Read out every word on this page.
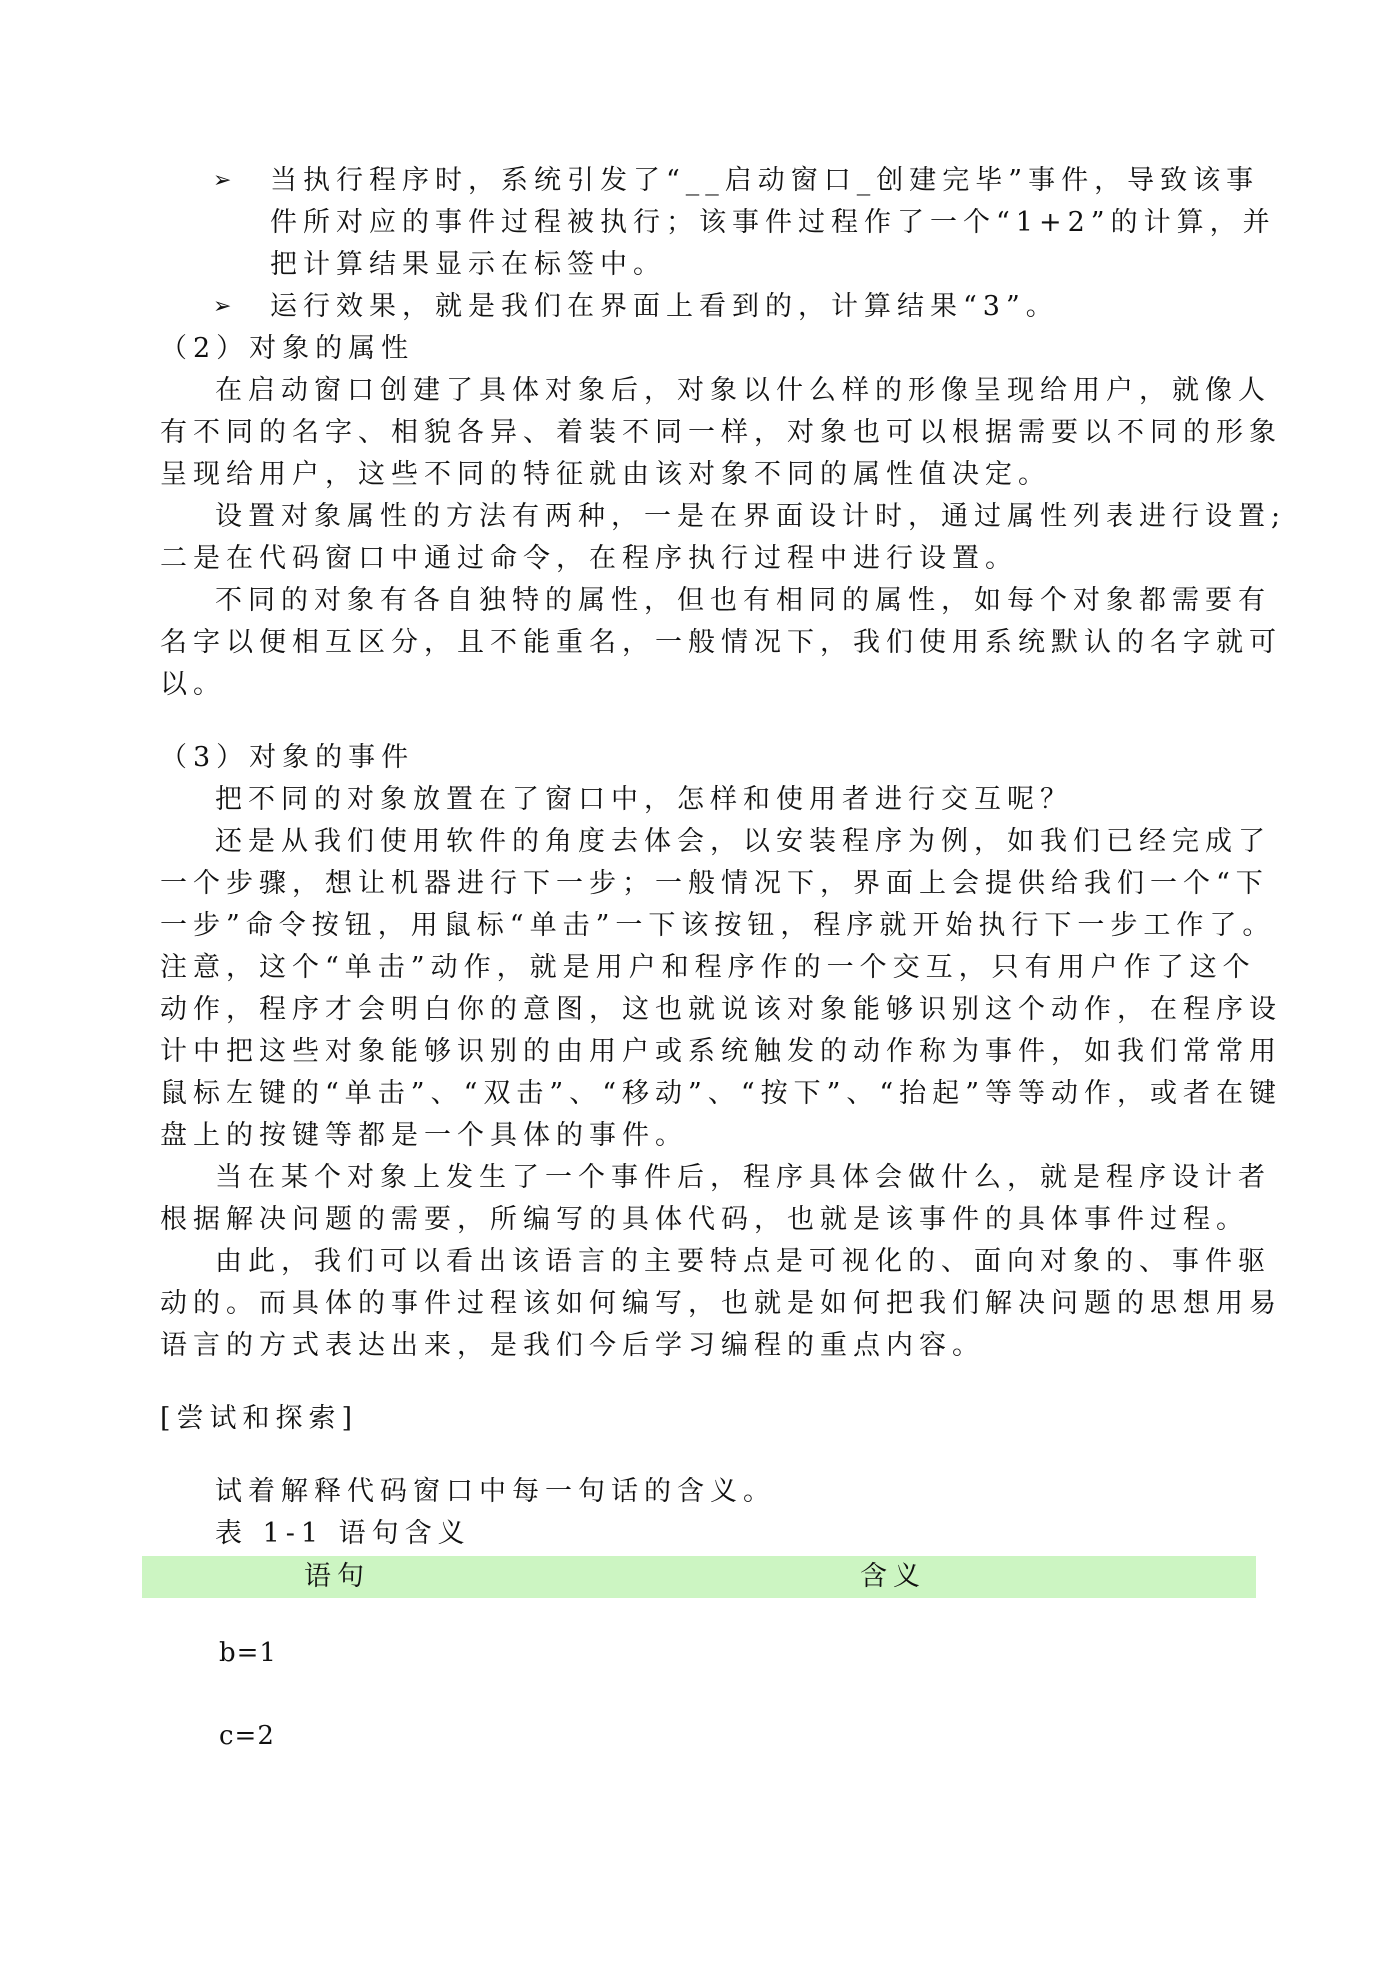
➢ 当执行程序时，系统引发了“__启动窗口_创建完毕”事件，导致该事
件所对应的事件过程被执行；该事件过程作了一个“1+2”的计算，并
把计算结果显示在标签中。
➢ 运行效果，就是我们在界面上看到的，计算结果“3”。
（2）对象的属性
在启动窗口创建了具体对象后，对象以什么样的形像呈现给用户，就像人
有不同的名字、相貌各异、着装不同一样，对象也可以根据需要以不同的形象
呈现给用户，这些不同的特征就由该对象不同的属性值决定。
设置对象属性的方法有两种，一是在界面设计时，通过属性列表进行设置;
二是在代码窗口中通过命令，在程序执行过程中进行设置。
不同的对象有各自独特的属性，但也有相同的属性，如每个对象都需要有
名字以便相互区分，且不能重名，一般情况下，我们使用系统默认的名字就可
以。
（3）对象的事件
把不同的对象放置在了窗口中，怎样和使用者进行交互呢？
还是从我们使用软件的角度去体会，以安装程序为例，如我们已经完成了
一个步骤，想让机器进行下一步；一般情况下，界面上会提供给我们一个“下
一步”命令按钮，用鼠标“单击”一下该按钮，程序就开始执行下一步工作了。
注意，这个“单击”动作，就是用户和程序作的一个交互，只有用户作了这个
动作，程序才会明白你的意图，这也就说该对象能够识别这个动作，在程序设
计中把这些对象能够识别的由用户或系统触发的动作称为事件，如我们常常用
鼠标左键的“单击”、“双击”、“移动”、“按下”、“抬起”等等动作，或者在键
盘上的按键等都是一个具体的事件。
当在某个对象上发生了一个事件后，程序具体会做什么，就是程序设计者
根据解决问题的需要，所编写的具体代码，也就是该事件的具体事件过程。
由此，我们可以看出该语言的主要特点是可视化的、面向对象的、事件驱
动的。而具体的事件过程该如何编写，也就是如何把我们解决问题的思想用易
语言的方式表达出来，是我们今后学习编程的重点内容。
[尝试和探索]
试着解释代码窗口中每一句话的含义。
表 1-1 语句含义
语句	含义
b=1
c=2
